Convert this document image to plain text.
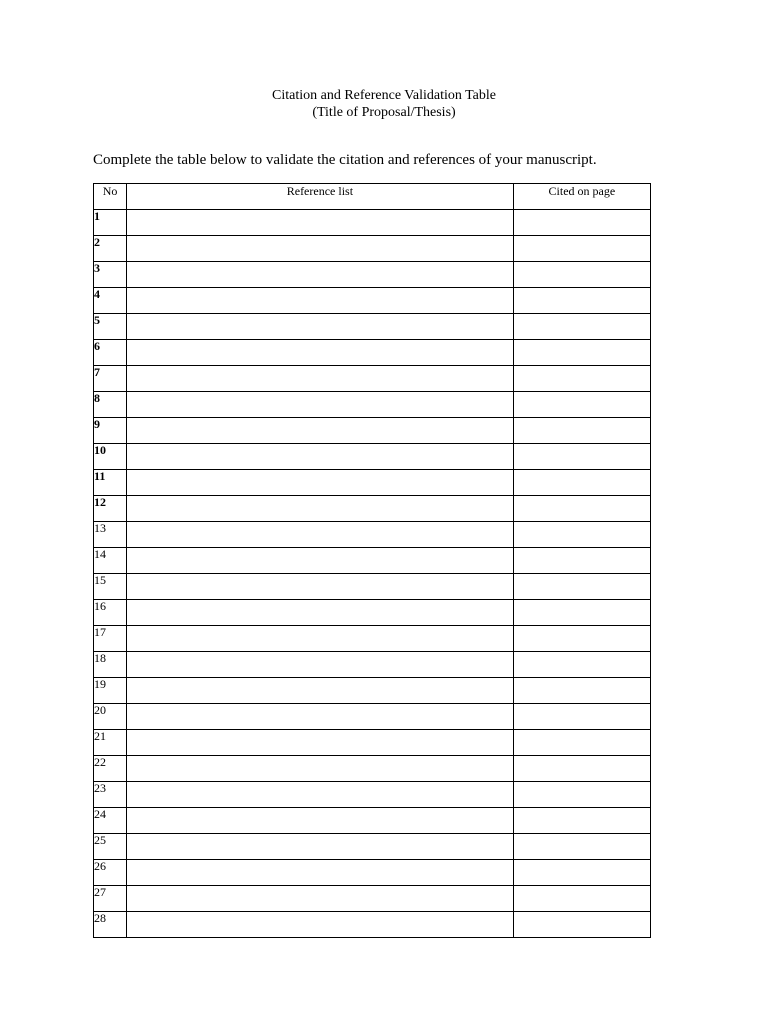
Citation and Reference Validation Table
(Title of Proposal/Thesis)
Complete the table below to validate the citation and references of your manuscript.
No	Reference list	Cited on page
1		
2		
3		
4		
5		
6		
7		
8		
9		
10		
11		
12		
13		
14		
15		
16		
17		
18		
19		
20		
21		
22		
23		
24		
25		
26		
27		
28		
